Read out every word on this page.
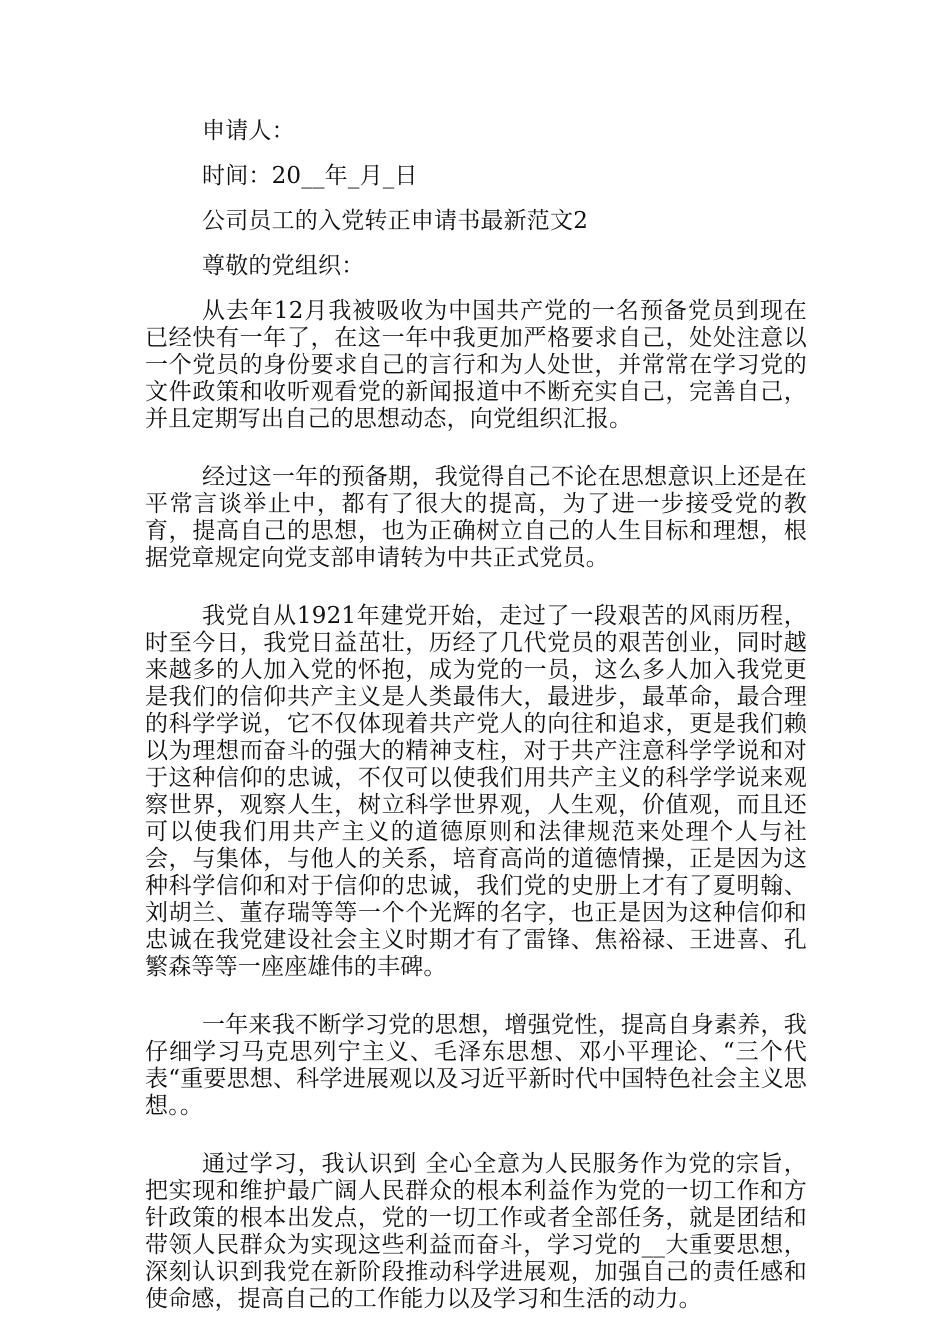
申请人：
时间：20__年_月_日
公司员工的入党转正申请书最新范文2
尊敬的党组织：

从去年12月我被吸收为中国共产党的一名预备党员到现在已经快有一年了，在这一年中我更加严格要求自己，处处注意以一个党员的身份要求自己的言行和为人处世，并常常在学习党的文件政策和收听观看党的新闻报道中不断充实自己，完善自己，并且定期写出自己的思想动态，向党组织汇报。

经过这一年的预备期，我觉得自己不论在思想意识上还是在平常言谈举止中，都有了很大的提高，为了进一步接受党的教育，提高自己的思想，也为正确树立自己的人生目标和理想，根据党章规定向党支部申请转为中共正式党员。

我党自从1921年建党开始，走过了一段艰苦的风雨历程，时至今日，我党日益茁壮，历经了几代党员的艰苦创业，同时越来越多的人加入党的怀抱，成为党的一员，这么多人加入我党更是我们的信仰共产主义是人类最伟大，最进步，最革命，最合理的科学学说，它不仅体现着共产党人的向往和追求，更是我们赖以为理想而奋斗的强大的精神支柱，对于共产注意科学学说和对于这种信仰的忠诚，不仅可以使我们用共产主义的科学学说来观察世界，观察人生，树立科学世界观，人生观，价值观，而且还可以使我们用共产主义的道德原则和法律规范来处理个人与社会，与集体，与他人的关系，培育高尚的道德情操，正是因为这种科学信仰和对于信仰的忠诚，我们党的史册上才有了夏明翰、刘胡兰、董存瑞等等一个个光辉的名字，也正是因为这种信仰和忠诚在我党建设社会主义时期才有了雷锋、焦裕禄、王进喜、孔繁森等等一座座雄伟的丰碑。

一年来我不断学习党的思想，增强党性，提高自身素养，我仔细学习马克思列宁主义、毛泽东思想、邓小平理论、“三个代表“重要思想、科学进展观以及习近平新时代中国特色社会主义思想。。

通过学习，我认识到 全心全意为人民服务作为党的宗旨，把实现和维护最广阔人民群众的根本利益作为党的一切工作和方针政策的根本出发点，党的一切工作或者全部任务，就是团结和带领人民群众为实现这些利益而奋斗，学习党的__大重要思想，深刻认识到我党在新阶段推动科学进展观，加强自己的责任感和使命感，提高自己的工作能力以及学习和生活的动力。
